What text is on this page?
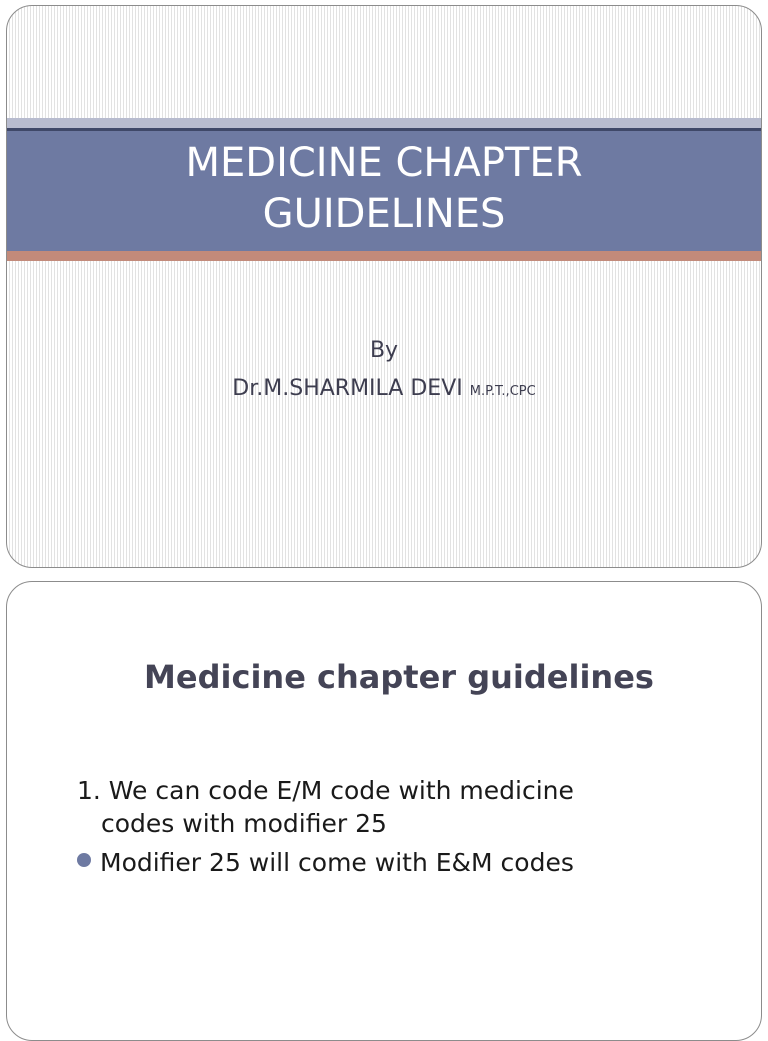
MEDICINE CHAPTER
GUIDELINES
By
Dr.M.SHARMILA DEVI M.P.T.,CPC
Medicine chapter guidelines
1. We can code E/M code with medicine
codes with modifier 25
Modifier 25 will come with E&M codes
